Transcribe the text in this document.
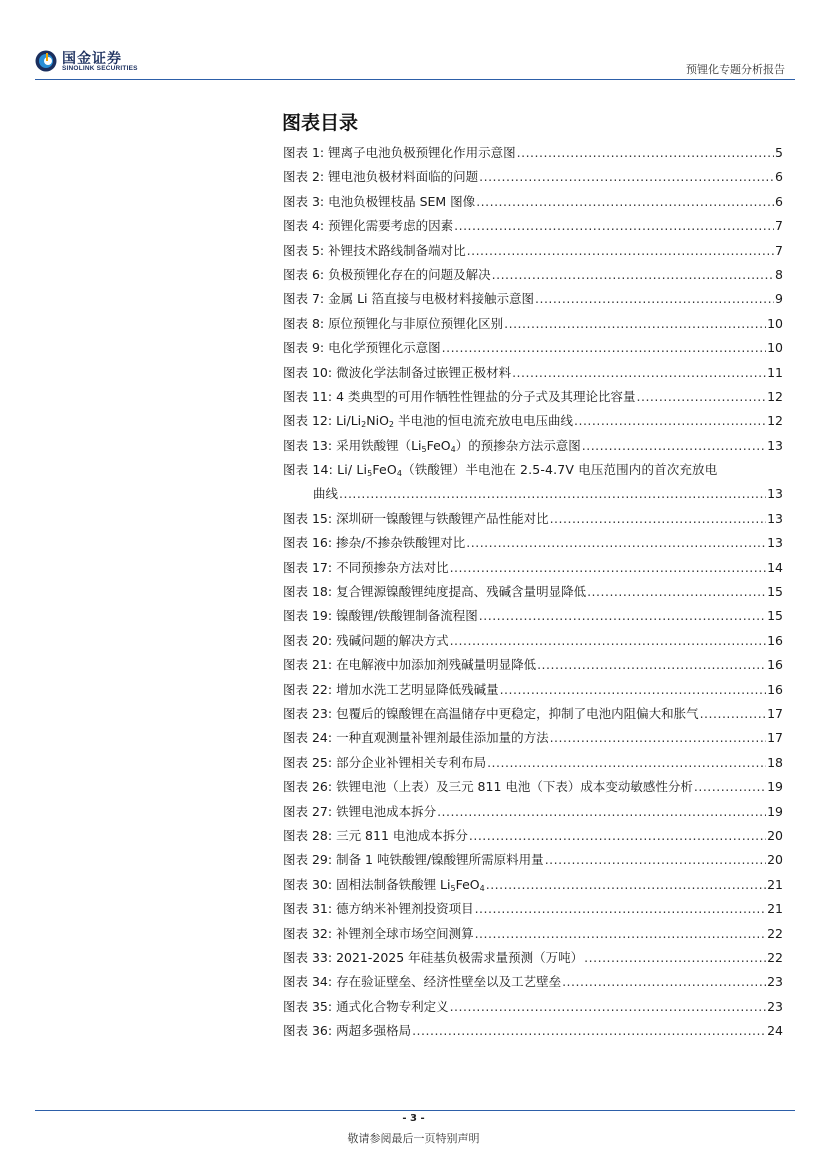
国金证券
SINOLINK SECURITIES	预锂化专题分析报告
图表目录
图表 1: 锂离子电池负极预锂化作用示意图 .....	5
图表 2: 锂电池负极材料面临的问题 .....	6
图表 3: 电池负极锂枝晶 SEM 图像 .....	6
图表 4: 预锂化需要考虑的因素 .....	7
图表 5: 补锂技术路线制备端对比 .....	7
图表 6: 负极预锂化存在的问题及解决 .....	8
图表 7: 金属 Li 箔直接与电极材料接触示意图 .....	9
图表 8: 原位预锂化与非原位预锂化区别 .....	10
图表 9: 电化学预锂化示意图 .....	10
图表 10: 微波化学法制备过嵌锂正极材料 .....	11
图表 11: 4 类典型的可用作牺牲性锂盐的分子式及其理论比容量 .....	12
图表 12: $Li/Li_2NiO_2$ 半电池的恒电流充放电电压曲线 .....	12
图表 13: 采用铁酸锂$(Li_5FeO_4)$的预掺杂方法示意图 .....	13
图表 14: Li/ $Li_5FeO_4$（铁酸锂）半电池在 2.5-4.7V 电压范围内的首次充放电
曲线 .....	13
图表 15: 深圳研一镍酸锂与铁酸锂产品性能对比 .....	13
图表 16: 掺杂/不掺杂铁酸锂对比 .....	13
图表 17: 不同预掺杂方法对比 .....	14
图表 18: 复合锂源镍酸锂纯度提高、残碱含量明显降低 .....	15
图表 19: 镍酸锂/铁酸锂制备流程图 .....	15
图表 20: 残碱问题的解决方式 .....	16
图表 21: 在电解液中加添加剂残碱量明显降低 .....	16
图表 22: 增加水洗工艺明显降低残碱量 .....	16
图表 23: 包覆后的镍酸锂在高温储存中更稳定，抑制了电池内阻偏大和胀气 .....	17
图表 24: 一种直观测量补锂剂最佳添加量的方法 .....	17
图表 25: 部分企业补锂相关专利布局 .....	18
图表 26: 铁锂电池（上表）及三元 811 电池（下表）成本变动敏感性分析 .....	19
图表 27: 铁锂电池成本拆分 .....	19
图表 28: 三元 811 电池成本拆分 .....	20
图表 29: 制备 1 吨铁酸锂/镍酸锂所需原料用量 .....	20
图表 30: 固相法制备铁酸锂 $Li_5FeO_4$ .....	21
图表 31: 德方纳米补锂剂投资项目 .....	21
图表 32: 补锂剂全球市场空间测算 .....	22
图表 33: 2021-2025 年硅基负极需求量预测（万吨） .....	22
图表 34: 存在验证壁垒、经济性壁垒以及工艺壁垒 .....	23
图表 35: 通式化合物专利定义 .....	23
图表 36: 两超多强格局 .....	24
- 3 -
敬请参阅最后一页特别声明
